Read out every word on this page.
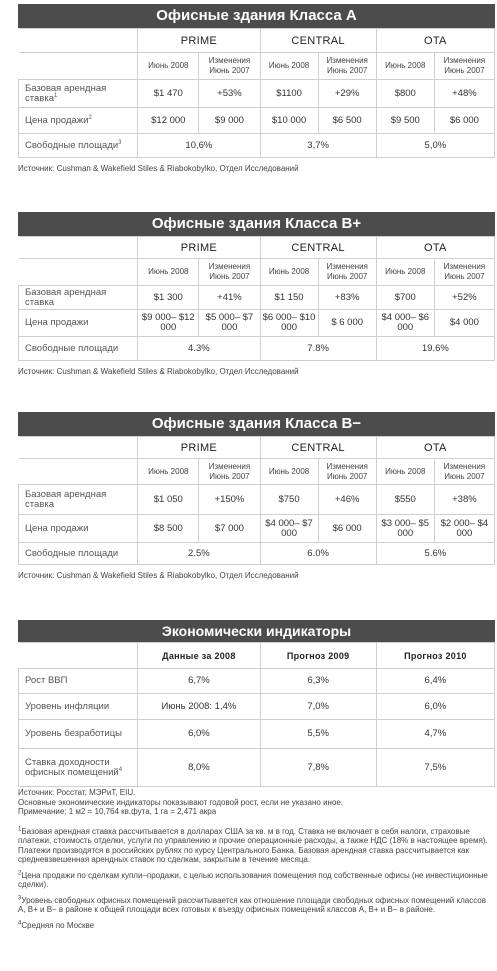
Офисные здания Класса А
	PRIME		CENTRAL		OTA	
	Июнь 2008	Изменения Июнь 2007	Июнь 2008	Изменения Июнь 2007	Июнь 2008	Изменения Июнь 2007
Базовая арендная ставка$^1$	$1 470	+53%	$1100	+29%	$800	+48%
Цена продажи$^2$	$12 000	$9 000	$10 000	$6 500	$9 500	$6 000
Свободные площади$^3$	10,6%		3,7%		5,0%	
Источник: Cushman & Wakefield Stiles & Riabokobylko, Отдел Исследований
Офисные здания Класса В+
	PRIME		CENTRAL		OTA	
	Июнь 2008	Изменения Июнь 2007	Июнь 2008	Изменения Июнь 2007	Июнь 2008	Изменения Июнь 2007
Базовая арендная ставка	$1 300	+41%	$1 150	+83%	$700	+52%
Цена продажи	$9 000– $12 000	$5 000– $7 000	$6 000– $10 000	$ 6 000	$4 000– $6 000	$4 000
Свободные площади	4.3%		7.8%		19.6%	
Источник: Cushman & Wakefield Stiles & Riabokobylko, Отдел Исследований
Офисные здания Класса В−
	PRIME		CENTRAL		OTA	
	Июнь 2008	Изменения Июнь 2007	Июнь 2008	Изменения Июнь 2007	Июнь 2008	Изменения Июнь 2007
Базовая арендная ставка	$1 050	+150%	$750	+46%	$550	+38%
Цена продажи	$8 500	$7 000	$4 000– $7 000	$6 000	$3 000– $5 000	$2 000– $4 000
Свободные площади	2.5%		6.0%		5.6%	
Источник: Cushman & Wakefield Stiles & Riabokobylko, Отдел Исследований
Экономически индикаторы
	Данные за 2008	Прогноз 2009	Прогноз 2010
Рост ВВП	6,7%	6,3%	6,4%
Уровень инфляции	Июнь 2008: 1,4%	7,0%	6,0%
Уровень безработицы	6,0%	5,5%	4,7%
Ставка доходности офисных помещений$^4$	8,0%	7,8%	7,5%

Источник: Росстат, МЭРиТ, EIU.
Основные экономические индикаторы показывают годовой рост, если не указано иное.
Примечание: 1 м2 = 10,764 кв.фута, 1 га = 2,471 акра

$^1$Базовая арендная ставка рассчитывается в долларах США за кв. м в год. Ставка не включает в себя налоги, страховые платежи, стоимость отделки, услуги по управлению и прочие операционные расходы, а также НДС (18% в настоящее время). Платежи производятся в российских рублях по курсу Центрального Банка. Базовая арендная ставка рассчитывается как средневзвешенная арендных ставок по сделкам, закрытым в течение месяца.

$^2$Цена продажи по сделкам купли–продажи, с целью использования помещения под собственные офисы (не инвестиционные сделки).

$^3$Уровень свободных офисных помещений рассчитывается как отношение площади свободных офисных помещений классов А, В+ и В− в районе к общей площади всех готовых к въезду офисных помещений классов А, В+ и В− в районе.

$^4$Средняя по Москве
